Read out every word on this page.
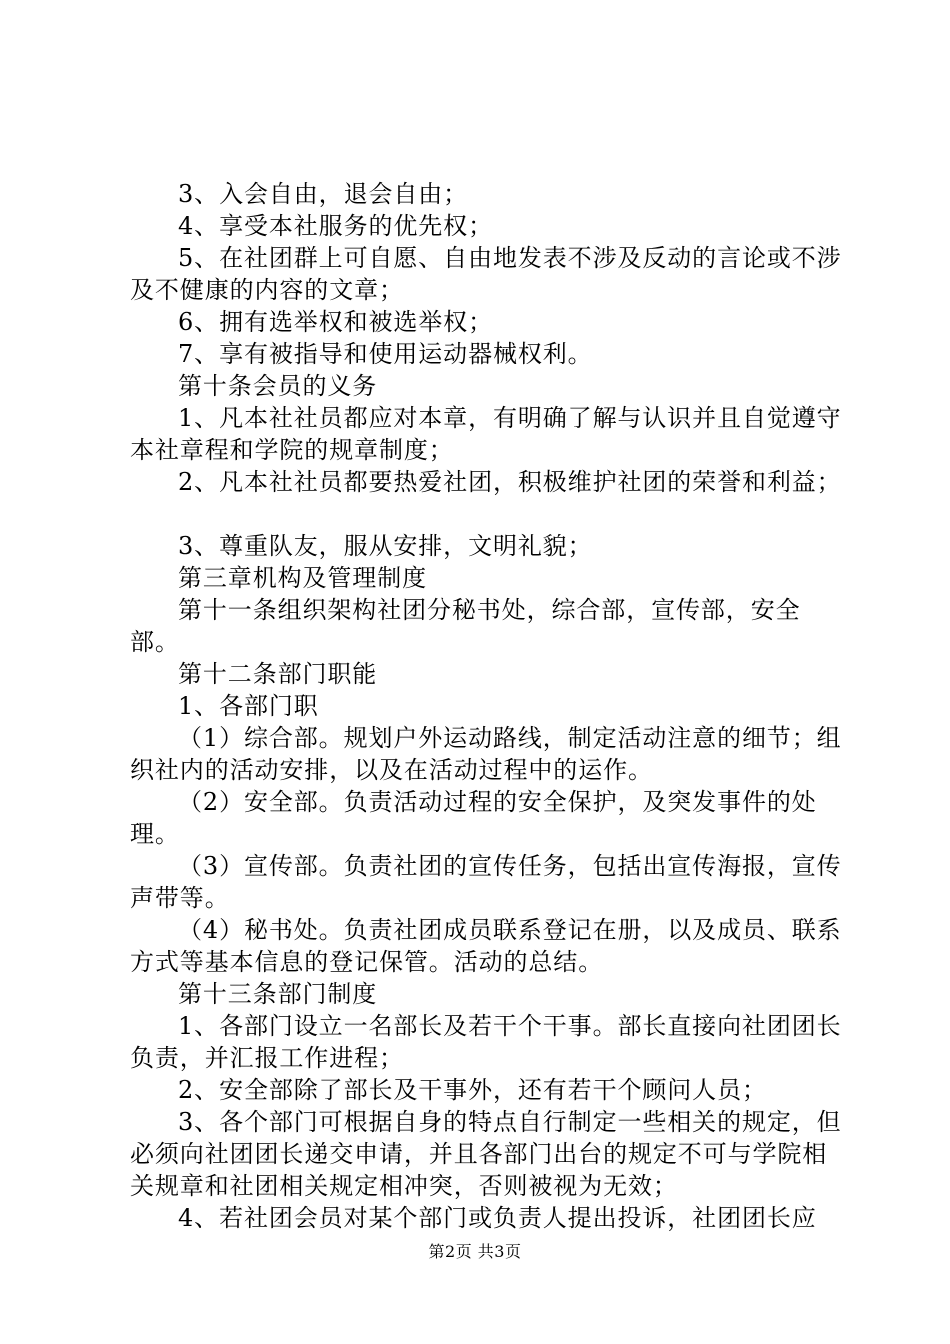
3、入会自由，退会自由；

4、享受本社服务的优先权；

5、在社团群上可自愿、自由地发表不涉及反动的言论或不涉及不健康的内容的文章；

6、拥有选举权和被选举权；

7、享有被指导和使用运动器械权利。

第十条会员的义务

1、凡本社社员都应对本章，有明确了解与认识并且自觉遵守本社章程和学院的规章制度；

2、凡本社社员都要热爱社团，积极维护社团的荣誉和利益；

3、尊重队友，服从安排，文明礼貌；

第三章机构及管理制度

第十一条组织架构社团分秘书处，综合部，宣传部，安全部。

第十二条部门职能

1、各部门职

（1）综合部。规划户外运动路线，制定活动注意的细节；组织社内的活动安排，以及在活动过程中的运作。

（2）安全部。负责活动过程的安全保护，及突发事件的处理。

（3）宣传部。负责社团的宣传任务，包括出宣传海报，宣传声带等。

（4）秘书处。负责社团成员联系登记在册，以及成员、联系方式等基本信息的登记保管。活动的总结。

第十三条部门制度

1、各部门设立一名部长及若干个干事。部长直接向社团团长负责，并汇报工作进程；

2、安全部除了部长及干事外，还有若干个顾问人员；

3、各个部门可根据自身的特点自行制定一些相关的规定，但必须向社团团长递交申请，并且各部门出台的规定不可与学院相关规章和社团相关规定相冲突，否则被视为无效；

4、若社团会员对某个部门或负责人提出投诉，社团团长应

第2页 共3页
